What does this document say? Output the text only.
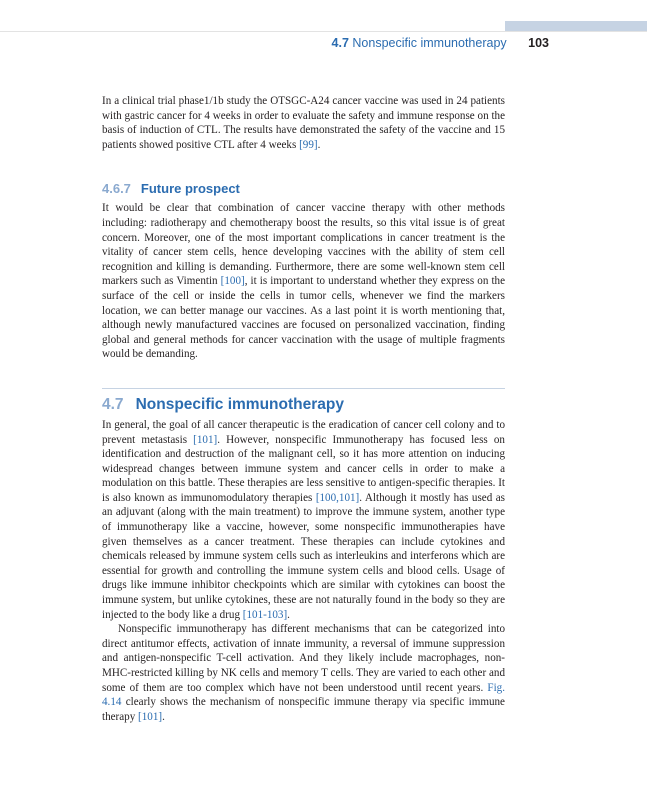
4.7 Nonspecific immunotherapy 103

In a clinical trial phase1/1b study the OTSGC-A24 cancer vaccine was used in 24 patients with gastric cancer for 4 weeks in order to evaluate the safety and immune response on the basis of induction of CTL. The results have demonstrated the safety of the vaccine and 15 patients showed positive CTL after 4 weeks [99].

4.6.7 Future prospect

It would be clear that combination of cancer vaccine therapy with other methods including: radiotherapy and chemotherapy boost the results, so this vital issue is of great concern. Moreover, one of the most important complications in cancer treatment is the vitality of cancer stem cells, hence developing vaccines with the ability of stem cell recognition and killing is demanding. Furthermore, there are some well-known stem cell markers such as Vimentin [100], it is important to understand whether they express on the surface of the cell or inside the cells in tumor cells, whenever we find the markers location, we can better manage our vaccines. As a last point it is worth mentioning that, although newly manufactured vaccines are focused on personalized vaccination, finding global and general methods for cancer vaccination with the usage of multiple fragments would be demanding.

4.7 Nonspecific immunotherapy

In general, the goal of all cancer therapeutic is the eradication of cancer cell colony and to prevent metastasis [101]. However, nonspecific Immunotherapy has focused less on identification and destruction of the malignant cell, so it has more attention on inducing widespread changes between immune system and cancer cells in order to make a modulation on this battle. These therapies are less sensitive to antigen-specific therapies. It is also known as immunomodulatory therapies [100,101]. Although it mostly has used as an adjuvant (along with the main treatment) to improve the immune system, another type of immunotherapy like a vaccine, however, some nonspecific immunotherapies have given themselves as a cancer treatment. These therapies can include cytokines and chemicals released by immune system cells such as interleukins and interferons which are essential for growth and controlling the immune system cells and blood cells. Usage of drugs like immune inhibitor checkpoints which are similar with cytokines can boost the immune system, but unlike cytokines, these are not naturally found in the body so they are injected to the body like a drug [101-103].

Nonspecific immunotherapy has different mechanisms that can be categorized into direct antitumor effects, activation of innate immunity, a reversal of immune suppression and antigen-nonspecific T-cell activation. And they likely include macrophages, non-MHC-restricted killing by NK cells and memory T cells. They are varied to each other and some of them are too complex which have not been understood until recent years. Fig. 4.14 clearly shows the mechanism of nonspecific immune therapy via specific immune therapy [101].
